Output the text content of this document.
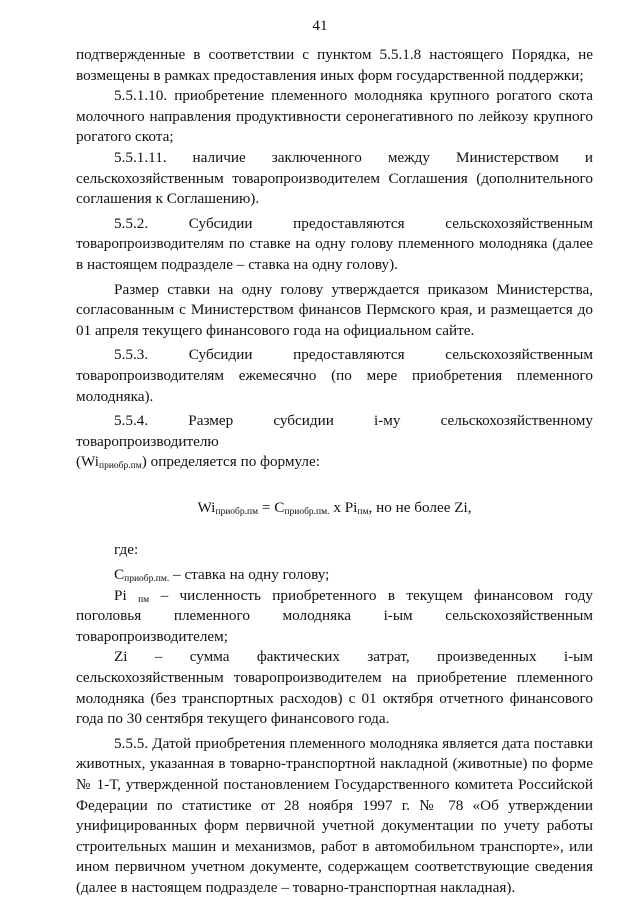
41

подтвержденные в соответствии с пунктом 5.5.1.8 настоящего Порядка, не возмещены в рамках предоставления иных форм государственной поддержки;

5.5.1.10. приобретение племенного молодняка крупного рогатого скота молочного направления продуктивности серонегативного по лейкозу крупного рогатого скота;

5.5.1.11. наличие заключенного между Министерством и сельскохозяйственным товаропроизводителем Соглашения (дополнительного соглашения к Соглашению).

5.5.2. Субсидии предоставляются сельскохозяйственным товаропроизводителям по ставке на одну голову племенного молодняка (далее в настоящем подразделе – ставка на одну голову).

Размер ставки на одну голову утверждается приказом Министерства, согласованным с Министерством финансов Пермского края, и размещается до 01 апреля текущего финансового года на официальном сайте.

5.5.3. Субсидии предоставляются сельскохозяйственным товаропроизводителям ежемесячно (по мере приобретения племенного молодняка).

5.5.4. Размер субсидии i-му сельскохозяйственному товаропроизводителю

$(Wi_{приобр.пм})$ определяется по формуле:

$Wi_{приобр.пм} = C_{приобр.пм.}$ x $Pi_{пм}$, но не более Zi,

где:

$C_{приобр.пм.}$ – ставка на одну голову;

Pi $_{пм}$ – численность приобретенного в текущем финансовом году поголовья племенного молодняка i-ым сельскохозяйственным товаропроизводителем;

Zi – сумма фактических затрат, произведенных i-ым сельскохозяйственным товаропроизводителем на приобретение племенного молодняка (без транспортных расходов) с 01 октября отчетного финансового года по 30 сентября текущего финансового года.

5.5.5. Датой приобретения племенного молодняка является дата поставки животных, указанная в товарно-транспортной накладной (животные) по форме № 1-Т, утвержденной постановлением Государственного комитета Российской Федерации по статистике от 28 ноября 1997 г. № 78 «Об утверждении унифицированных форм первичной учетной документации по учету работы строительных машин и механизмов, работ в автомобильном транспорте», или ином первичном учетном документе, содержащем соответствующие сведения (далее в настоящем подразделе – товарно-транспортная накладная).
